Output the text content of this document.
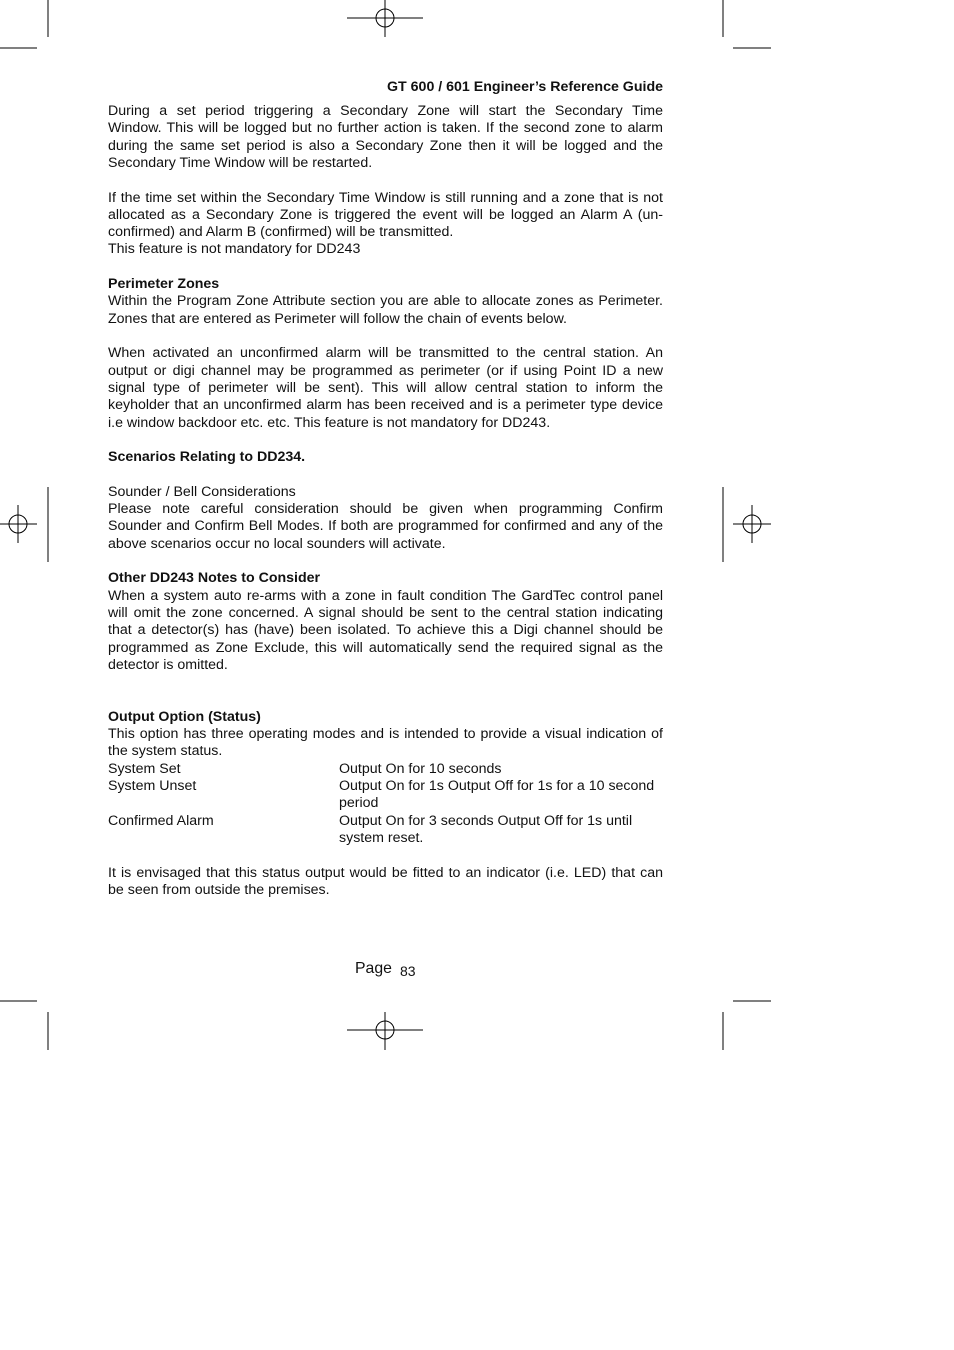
GT 600 / 601 Engineer’s Reference Guide
During a set period triggering a Secondary Zone will start the Secondary Time
Window. This will be logged but no further action is taken. If the second zone to alarm
during the same set period is also a Secondary Zone then it will be logged and the
Secondary Time Window will be restarted.
If the time set within the Secondary Time Window is still running and a zone that is not
allocated as a Secondary Zone is triggered the event will be logged an Alarm A (un-
confirmed) and Alarm B (confirmed) will be transmitted.
This feature is not mandatory for DD243
Perimeter Zones
Within the Program Zone Attribute section you are able to allocate zones as Perimeter.
Zones that are entered as Perimeter will follow the chain of events below.
When activated an unconfirmed alarm will be transmitted to the central station. An
output or digi channel may be programmed as perimeter (or if using Point ID a new
signal type of perimeter will be sent). This will allow central station to inform the
keyholder that an unconfirmed alarm has been received and is a perimeter type device
i.e window backdoor etc. etc. This feature is not mandatory for DD243.
Scenarios Relating to DD234.
Sounder / Bell Considerations
Please note careful consideration should be given when programming Confirm
Sounder and Confirm Bell Modes. If both are programmed for confirmed and any of the
above scenarios occur no local sounders will activate.
Other DD243 Notes to Consider
When a system auto re-arms with a zone in fault condition The GardTec control panel
will omit the zone concerned. A signal should be sent to the central station indicating
that a detector(s) has (have) been isolated. To achieve this a Digi channel should be
programmed as Zone Exclude, this will automatically send the required signal as the
detector is omitted.
Output Option (Status)
This option has three operating modes and is intended to provide a visual indication of
the system status.
System Set	Output On for 10 seconds
System Unset	Output On for 1s Output Off for 1s for a 10 second
period
Confirmed Alarm	Output On for 3 seconds Output Off for 1s until
system reset.
It is envisaged that this status output would be fitted to an indicator (i.e. LED) that can
be seen from outside the premises.
Page 83
